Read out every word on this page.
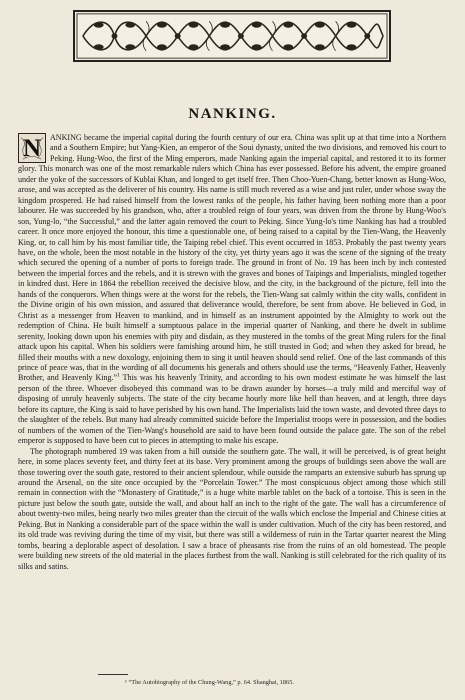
NANKING.
N	ANKING became the imperial capital during the fourth century of our era. China was split up at that time into a Northern and a Southern Empire; but Yang-Kien, an emperor of the Soui dynasty, united the two divisions, and removed his court to Peking. Hung-Woo, the first of the Ming emperors, made Nanking again the imperial capital, and restored it to its former glory. This monarch was one of the most remarkable rulers which China has ever possessed. Before his advent, the empire groaned under the yoke of the successors of Kublai Khan, and longed to get itself free. Then Choo-Yuen-Chang, better known as Hung-Woo, arose, and was accepted as the deliverer of his country. His name is still much revered as a wise and just ruler, under whose sway the kingdom prospered. He had raised himself from the lowest ranks of the people, his father having been nothing more than a poor labourer. He was succeeded by his grandson, who, after a troubled reign of four years, was driven from the throne by Hung-Woo's son, Yung-lo, “the Successful,” and the latter again removed the court to Peking. Since Yung-lo's time Nanking has had a troubled career. It once more enjoyed the honour, this time a questionable one, of being raised to a capital by the Tien-Wang, the Heavenly King, or, to call him by his most familiar title, the Taiping rebel chief. This event occurred in 1853. Probably the past twenty years have, on the whole, been the most notable in the history of the city, yet thirty years ago it was the scene of the signing of the treaty which secured the opening of a number of ports to foreign trade. The ground in front of No. 19 has been inch by inch contested between the imperial forces and the rebels, and it is strewn with the graves and bones of Taipings and Imperialists, mingled together in kindred dust. Here in 1864 the rebellion received the decisive blow, and the city, in the background of the picture, fell into the hands of the conquerors. When things were at the worst for the rebels, the Tien-Wang sat calmly within the city walls, confident in the Divine origin of his own mission, and assured that deliverance would, therefore, be sent from above. He believed in God, in Christ as a messenger from Heaven to mankind, and in himself as an instrument appointed by the Almighty to work out the redemption of China. He built himself a sumptuous palace in the imperial quarter of Nanking, and there he dwelt in sublime serenity, looking down upon his enemies with pity and disdain, as they mustered in the tombs of the great Ming rulers for the final attack upon his capital. When his soldiers were famishing around him, he still trusted in God; and when they asked for bread, he filled their mouths with a new doxology, enjoining them to sing it until heaven should send relief. One of the last commands of this prince of peace was, that in the wording of all documents his generals and others should use the terms, “Heavenly Father, Heavenly Brother, and Heavenly King.”$^1$ This was his heavenly Trinity, and according to his own modest estimate he was himself the last person of the three. Whoever disobeyed this command was to be drawn asunder by horses—a truly mild and merciful way of disposing of unruly heavenly subjects. The state of the city became hourly more like hell than heaven, and at length, three days before its capture, the King is said to have perished by his own hand. The Imperialists laid the town waste, and devoted three days to the slaughter of the rebels. But many had already committed suicide before the Imperialist troops were in possession, and the bodies of numbers of the women of the Tien-Wang's household are said to have been found outside the palace gate. The son of the rebel emperor is supposed to have been cut to pieces in attempting to make his escape.

The photograph numbered 19 was taken from a hill outside the southern gate. The wall, it will be perceived, is of great height here, in some places seventy feet, and thirty feet at its base. Very prominent among the groups of buildings seen above the wall are those towering over the south gate, restored to their ancient splendour, while outside the ramparts an extensive suburb has sprung up around the Arsenal, on the site once occupied by the “Porcelain Tower.” The most conspicuous object among those which still remain in connection with the “Monastery of Gratitude,” is a huge white marble tablet on the back of a tortoise. This is seen in the picture just below the south gate, outside the wall, and about half an inch to the right of the gate. The wall has a circumference of about twenty-two miles, being nearly two miles greater than the circuit of the walls which enclose the Imperial and Chinese cities at Peking. But in Nanking a considerable part of the space within the wall is under cultivation. Much of the city has been restored, and its old trade was reviving during the time of my visit, but there was still a wilderness of ruin in the Tartar quarter nearest the Ming tombs, bearing a deplorable aspect of desolation. I saw a brace of pheasants rise from the ruins of an old homestead. The people were building new streets of the old material in the places furthest from the wall. Nanking is still celebrated for the rich quality of its silks and satins.

¹ “The Autobiography of the Chung-Wang,” p. 64. Shanghai, 1865.
